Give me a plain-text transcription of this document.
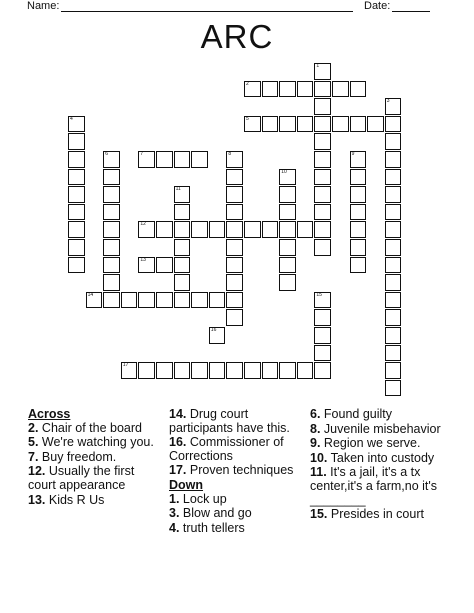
Name:	Date:
ARC
1
2
3
4	5
6	7	8	9
10
11
12
13
14	15
16
17
Across
2. Chair of the board
5. We're watching you.
7. Buy freedom.
12. Usually the first court appearance
13. Kids R Us
14. Drug court participants have this.
16. Commissioner of Corrections
17. Proven techniques
Down
1. Lock up
3. Blow and go
4. truth tellers
6. Found guilty
8. Juvenile misbehavior
9. Region we serve.
10. Taken into custody
11. It's a jail, it's a tx center,it's a farm,no it's ________
15. Presides in court
